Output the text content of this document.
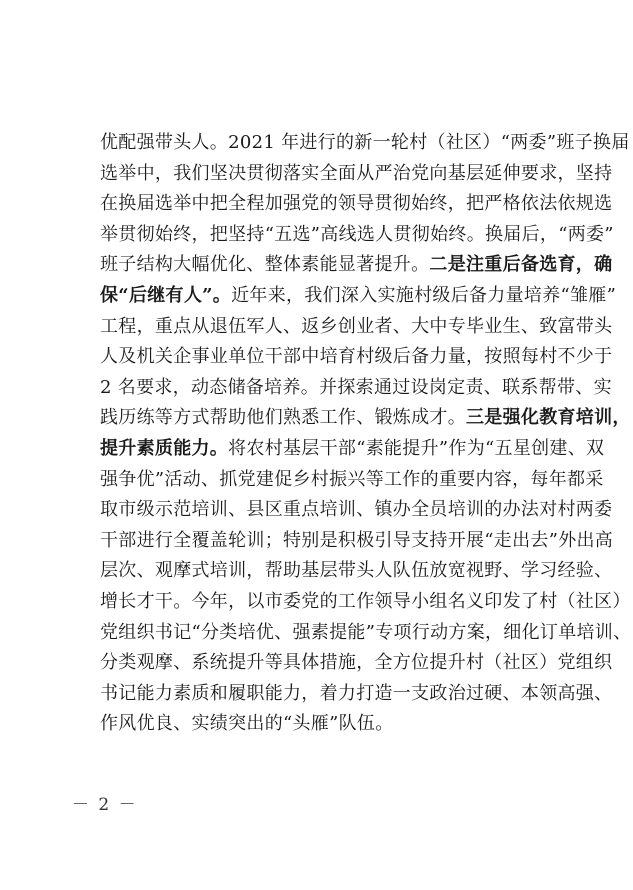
优配强带头人。2021 年进行的新一轮村（社区）“两委”班子换届
选举中，我们坚决贯彻落实全面从严治党向基层延伸要求，坚持
在换届选举中把全程加强党的领导贯彻始终，把严格依法依规选
举贯彻始终，把坚持“五选”高线选人贯彻始终。换届后，“两委”
班子结构大幅优化、整体素能显著提升。二是注重后备选育，确
保“后继有人”。近年来，我们深入实施村级后备力量培养“雏雁”
工程，重点从退伍军人、返乡创业者、大中专毕业生、致富带头
人及机关企事业单位干部中培育村级后备力量，按照每村不少于
2 名要求，动态储备培养。并探索通过设岗定责、联系帮带、实
践历练等方式帮助他们熟悉工作、锻炼成才。三是强化教育培训，
提升素质能力。将农村基层干部“素能提升”作为“五星创建、双
强争优”活动、抓党建促乡村振兴等工作的重要内容，每年都采
取市级示范培训、县区重点培训、镇办全员培训的办法对村两委
干部进行全覆盖轮训；特别是积极引导支持开展“走出去”外出高
层次、观摩式培训，帮助基层带头人队伍放宽视野、学习经验、
增长才干。今年，以市委党的工作领导小组名义印发了村（社区）
党组织书记“分类培优、强素提能”专项行动方案，细化订单培训、
分类观摩、系统提升等具体措施，全方位提升村（社区）党组织
书记能力素质和履职能力，着力打造一支政治过硬、本领高强、
作风优良、实绩突出的“头雁”队伍。
－ 2 －
